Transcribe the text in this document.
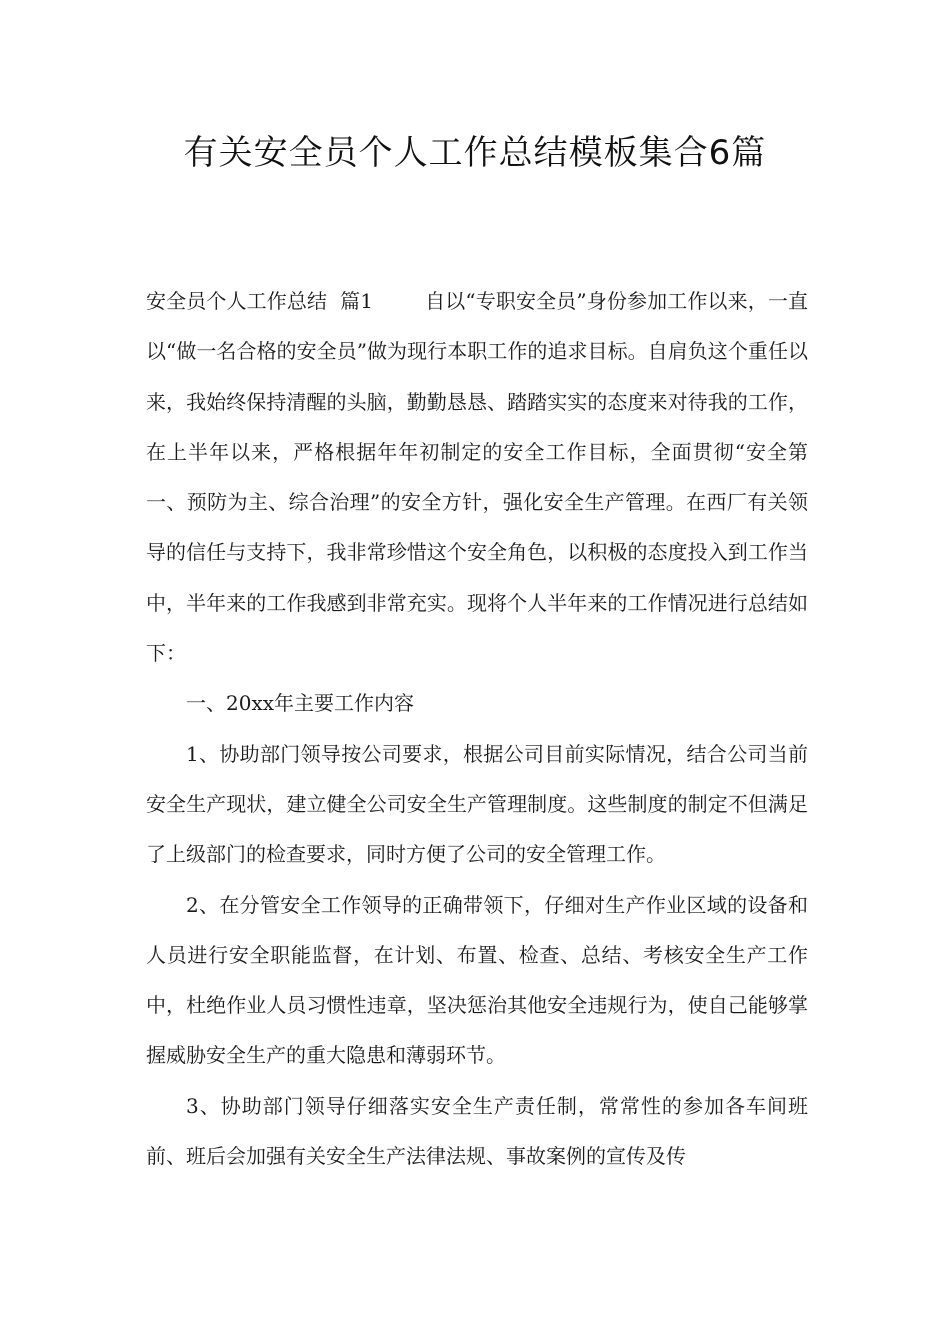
有关安全员个人工作总结模板集合6篇

安全员个人工作总结  篇1	自以“专职安全员”身份参加工作以来，一直以“做一名合格的安全员”做为现行本职工作的追求目标。自肩负这个重任以来，我始终保持清醒的头脑，勤勤恳恳、踏踏实实的态度来对待我的工作，在上半年以来，严格根据年年初制定的安全工作目标，全面贯彻“安全第一、预防为主、综合治理”的安全方针，强化安全生产管理。在西厂有关领导的信任与支持下，我非常珍惜这个安全角色，以积极的态度投入到工作当中，半年来的工作我感到非常充实。现将个人半年来的工作情况进行总结如下：

一、20xx年主要工作内容

1、协助部门领导按公司要求，根据公司目前实际情况，结合公司当前安全生产现状，建立健全公司安全生产管理制度。这些制度的制定不但满足了上级部门的检查要求，同时方便了公司的安全管理工作。

2、在分管安全工作领导的正确带领下，仔细对生产作业区域的设备和人员进行安全职能监督，在计划、布置、检查、总结、考核安全生产工作中，杜绝作业人员习惯性违章，坚决惩治其他安全违规行为，使自己能够掌握威胁安全生产的重大隐患和薄弱环节。

3、协助部门领导仔细落实安全生产责任制，常常性的参加各车间班前、班后会加强有关安全生产法律法规、事故案例的宣传及传
